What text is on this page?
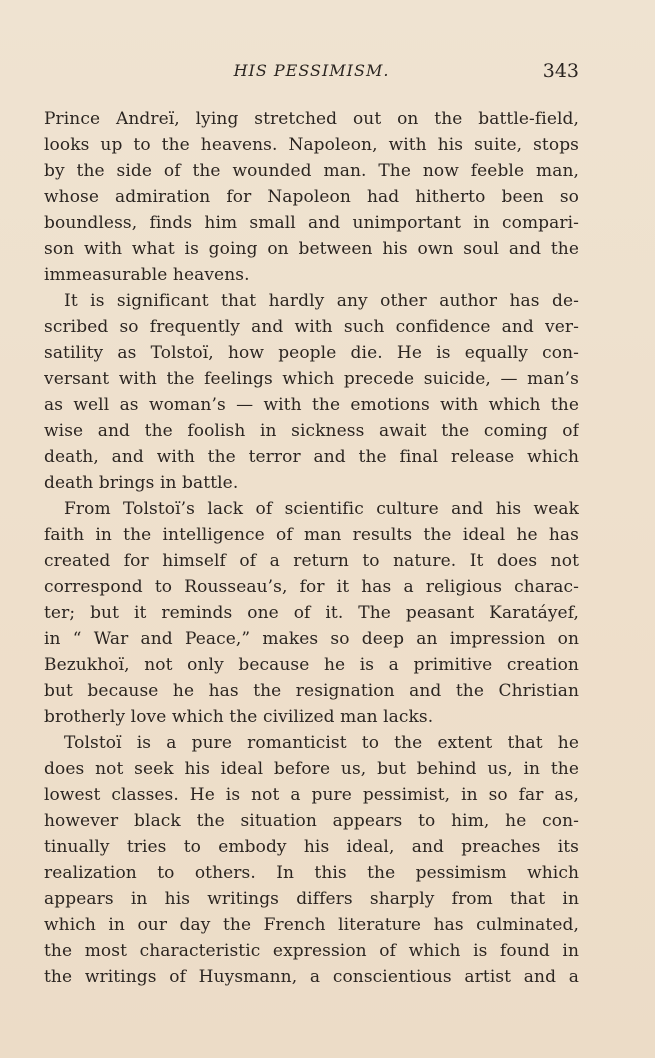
HIS PESSIMISM.	343
Prince Andreï, lying stretched out on the battle-field,
looks up to the heavens. Napoleon, with his suite, stops
by the side of the wounded man. The now feeble man,
whose admiration for Napoleon had hitherto been so
boundless, finds him small and unimportant in compari-
son with what is going on between his own soul and the
immeasurable heavens.
It is significant that hardly any other author has de-
scribed so frequently and with such confidence and ver-
satility as Tolstoï, how people die. He is equally con-
versant with the feelings which precede suicide, — man’s
as well as woman’s — with the emotions with which the
wise and the foolish in sickness await the coming of
death, and with the terror and the final release which
death brings in battle.
From Tolstoï’s lack of scientific culture and his weak
faith in the intelligence of man results the ideal he has
created for himself of a return to nature. It does not
correspond to Rousseau’s, for it has a religious charac-
ter; but it reminds one of it. The peasant Karatáyef,
in “ War and Peace,” makes so deep an impression on
Bezukhoï, not only because he is a primitive creation
but because he has the resignation and the Christian
brotherly love which the civilized man lacks.
Tolstoï is a pure romanticist to the extent that he
does not seek his ideal before us, but behind us, in the
lowest classes. He is not a pure pessimist, in so far as,
however black the situation appears to him, he con-
tinually tries to embody his ideal, and preaches its
realization to others. In this the pessimism which
appears in his writings differs sharply from that in
which in our day the French literature has culminated,
the most characteristic expression of which is found in
the writings of Huysmann, a conscientious artist and a
